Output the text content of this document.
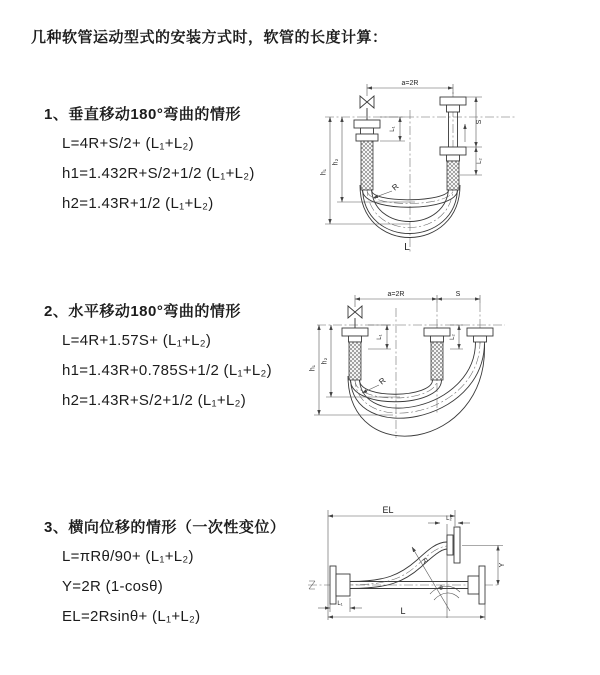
几种软管运动型式的安装方式时，软管的长度计算：
1、垂直移动180°弯曲的情形
L=4R+S/2+ (L₁+L₂)
h1=1.432R+S/2+1/2 (L₁+L₂)
h2=1.43R+1/2 (L₁+L₂)
2、水平移动180°弯曲的情形
L=4R+1.57S+ (L₁+L₂)
h1=1.43R+0.785S+1/2 (L₁+L₂)
h2=1.43R+S/2+1/2 (L₁+L₂)
3、横向位移的情形（一次性变位）
L=πRθ/90+ (L₁+L₂)
Y=2R (1-cosθ)
EL=2Rsinθ+ (L₁+L₂)
a=2R
h₁
h₂
L₁
S
L₂
R
L
a=2R	S
h₁
h₂
L₁	L₂
R
θ
R
EL
L₂
Y
L₁
L
